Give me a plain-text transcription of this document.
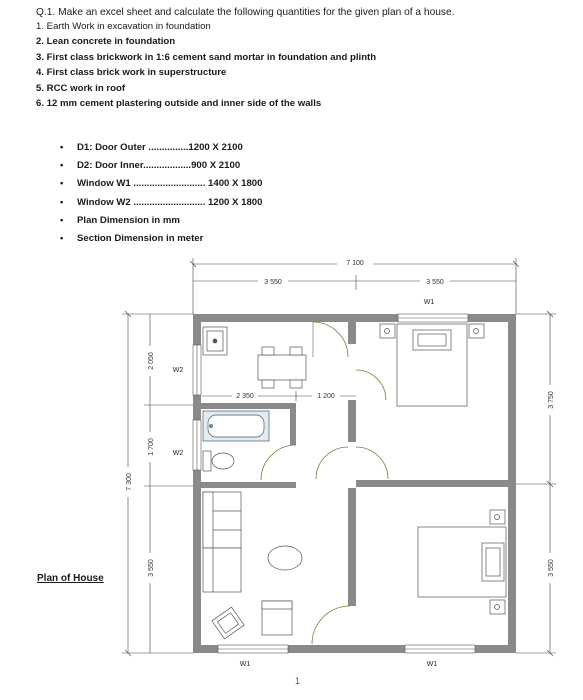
Q.1. Make an excel sheet and calculate the following quantities for the given plan of a house.
1. Earth Work in excavation in foundation
2. Lean concrete in foundation
3. First class brickwork in 1:6 cement sand mortar in foundation and plinth
4. First class brick work in superstructure
5. RCC work in roof
6. 12 mm cement plastering outside and inner side of the walls
• D1: Door Outer ...............1200 X 2100
• D2: Door Inner..................900 X 2100
• Window W1 ........................... 1400 X 1800
• Window W2 ........................... 1200 X 1800
• Plan Dimension in mm
• Section Dimension in meter
Plan of House
7 100
3 550	3 550
7 300
2 050
1 700
3 550
3 750
3 550
2 350	1 200
W1
W1	W1
W2
W2
1
